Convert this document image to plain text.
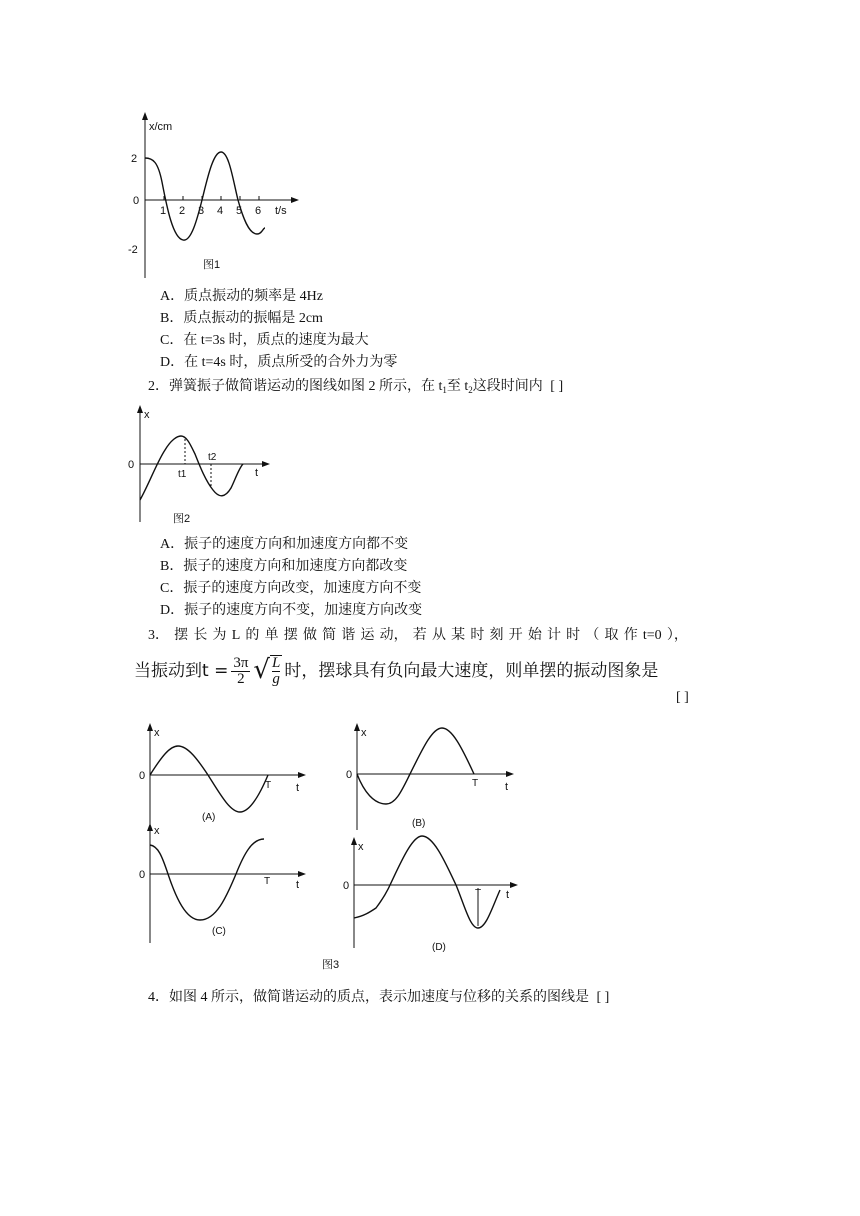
x/cm
t/s
2
0
-2
1 2 3 4 5 6
图1
A．质点振动的频率是 4Hz
B．质点振动的振幅是 2cm
C．在 t=3s 时，质点的速度为最大
D．在 t=4s 时，质点所受的合外力为零
2．弹簧振子做简谐运动的图线如图 2 所示，在 $t_1$至 $t_2$这段时间内 [ ]
x
t
0
t1
t2
图2
A．振子的速度方向和加速度方向都不变
B．振子的速度方向和加速度方向都改变
C．振子的速度方向改变，加速度方向不变
D．振子的速度方向不变，加速度方向改变
3． 摆 长 为 L 的 单 摆 做 简 谐 运 动， 若 从 某 时 刻 开 始 计 时 （ 取 作 t=0 ），
当振动到$t = \frac{3\pi}{2}$ √ $\frac{L}{g}$ 时，摆球具有负向最大速度，则单摆的振动图象是
[ ]
x
0
T t
(A)
x
0
T t
(B)
x
0
T t
(C)
x
0
T t
(D)
图3
4．如图 4 所示，做简谐运动的质点，表示加速度与位移的关系的图线是 [ ]
